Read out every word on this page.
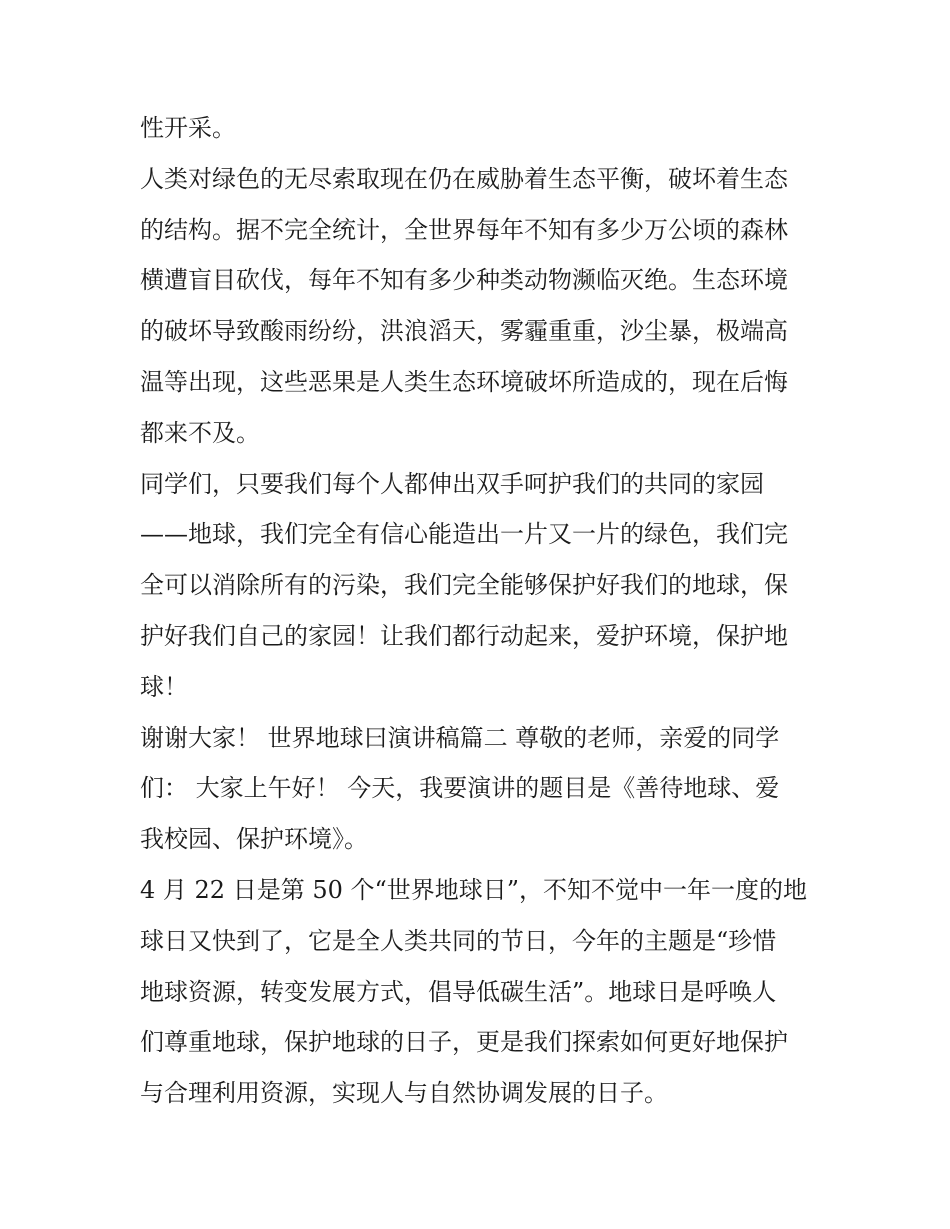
性开采。
人类对绿色的无尽索取现在仍在威胁着生态平衡，破坏着生态
的结构。据不完全统计，全世界每年不知有多少万公顷的森林
横遭盲目砍伐，每年不知有多少种类动物濒临灭绝。生态环境
的破坏导致酸雨纷纷，洪浪滔天，雾霾重重，沙尘暴，极端高
温等出现，这些恶果是人类生态环境破坏所造成的，现在后悔
都来不及。
同学们，只要我们每个人都伸出双手呵护我们的共同的家园
——地球，我们完全有信心能造出一片又一片的绿色，我们完
全可以消除所有的污染，我们完全能够保护好我们的地球，保
护好我们自己的家园！让我们都行动起来，爱护环境，保护地
球！
谢谢大家！ 世界地球曰演讲稿篇二 尊敬的老师，亲爱的同学
们： 大家上午好！ 今天，我要演讲的题目是《善待地球、爱
我校园、保护环境》。
4 月 22 日是第 50 个“世界地球日”，不知不觉中一年一度的地
球日又快到了，它是全人类共同的节日，今年的主题是“珍惜
地球资源，转变发展方式，倡导低碳生活”。地球日是呼唤人
们尊重地球，保护地球的日子，更是我们探索如何更好地保护
与合理利用资源，实现人与自然协调发展的日子。
